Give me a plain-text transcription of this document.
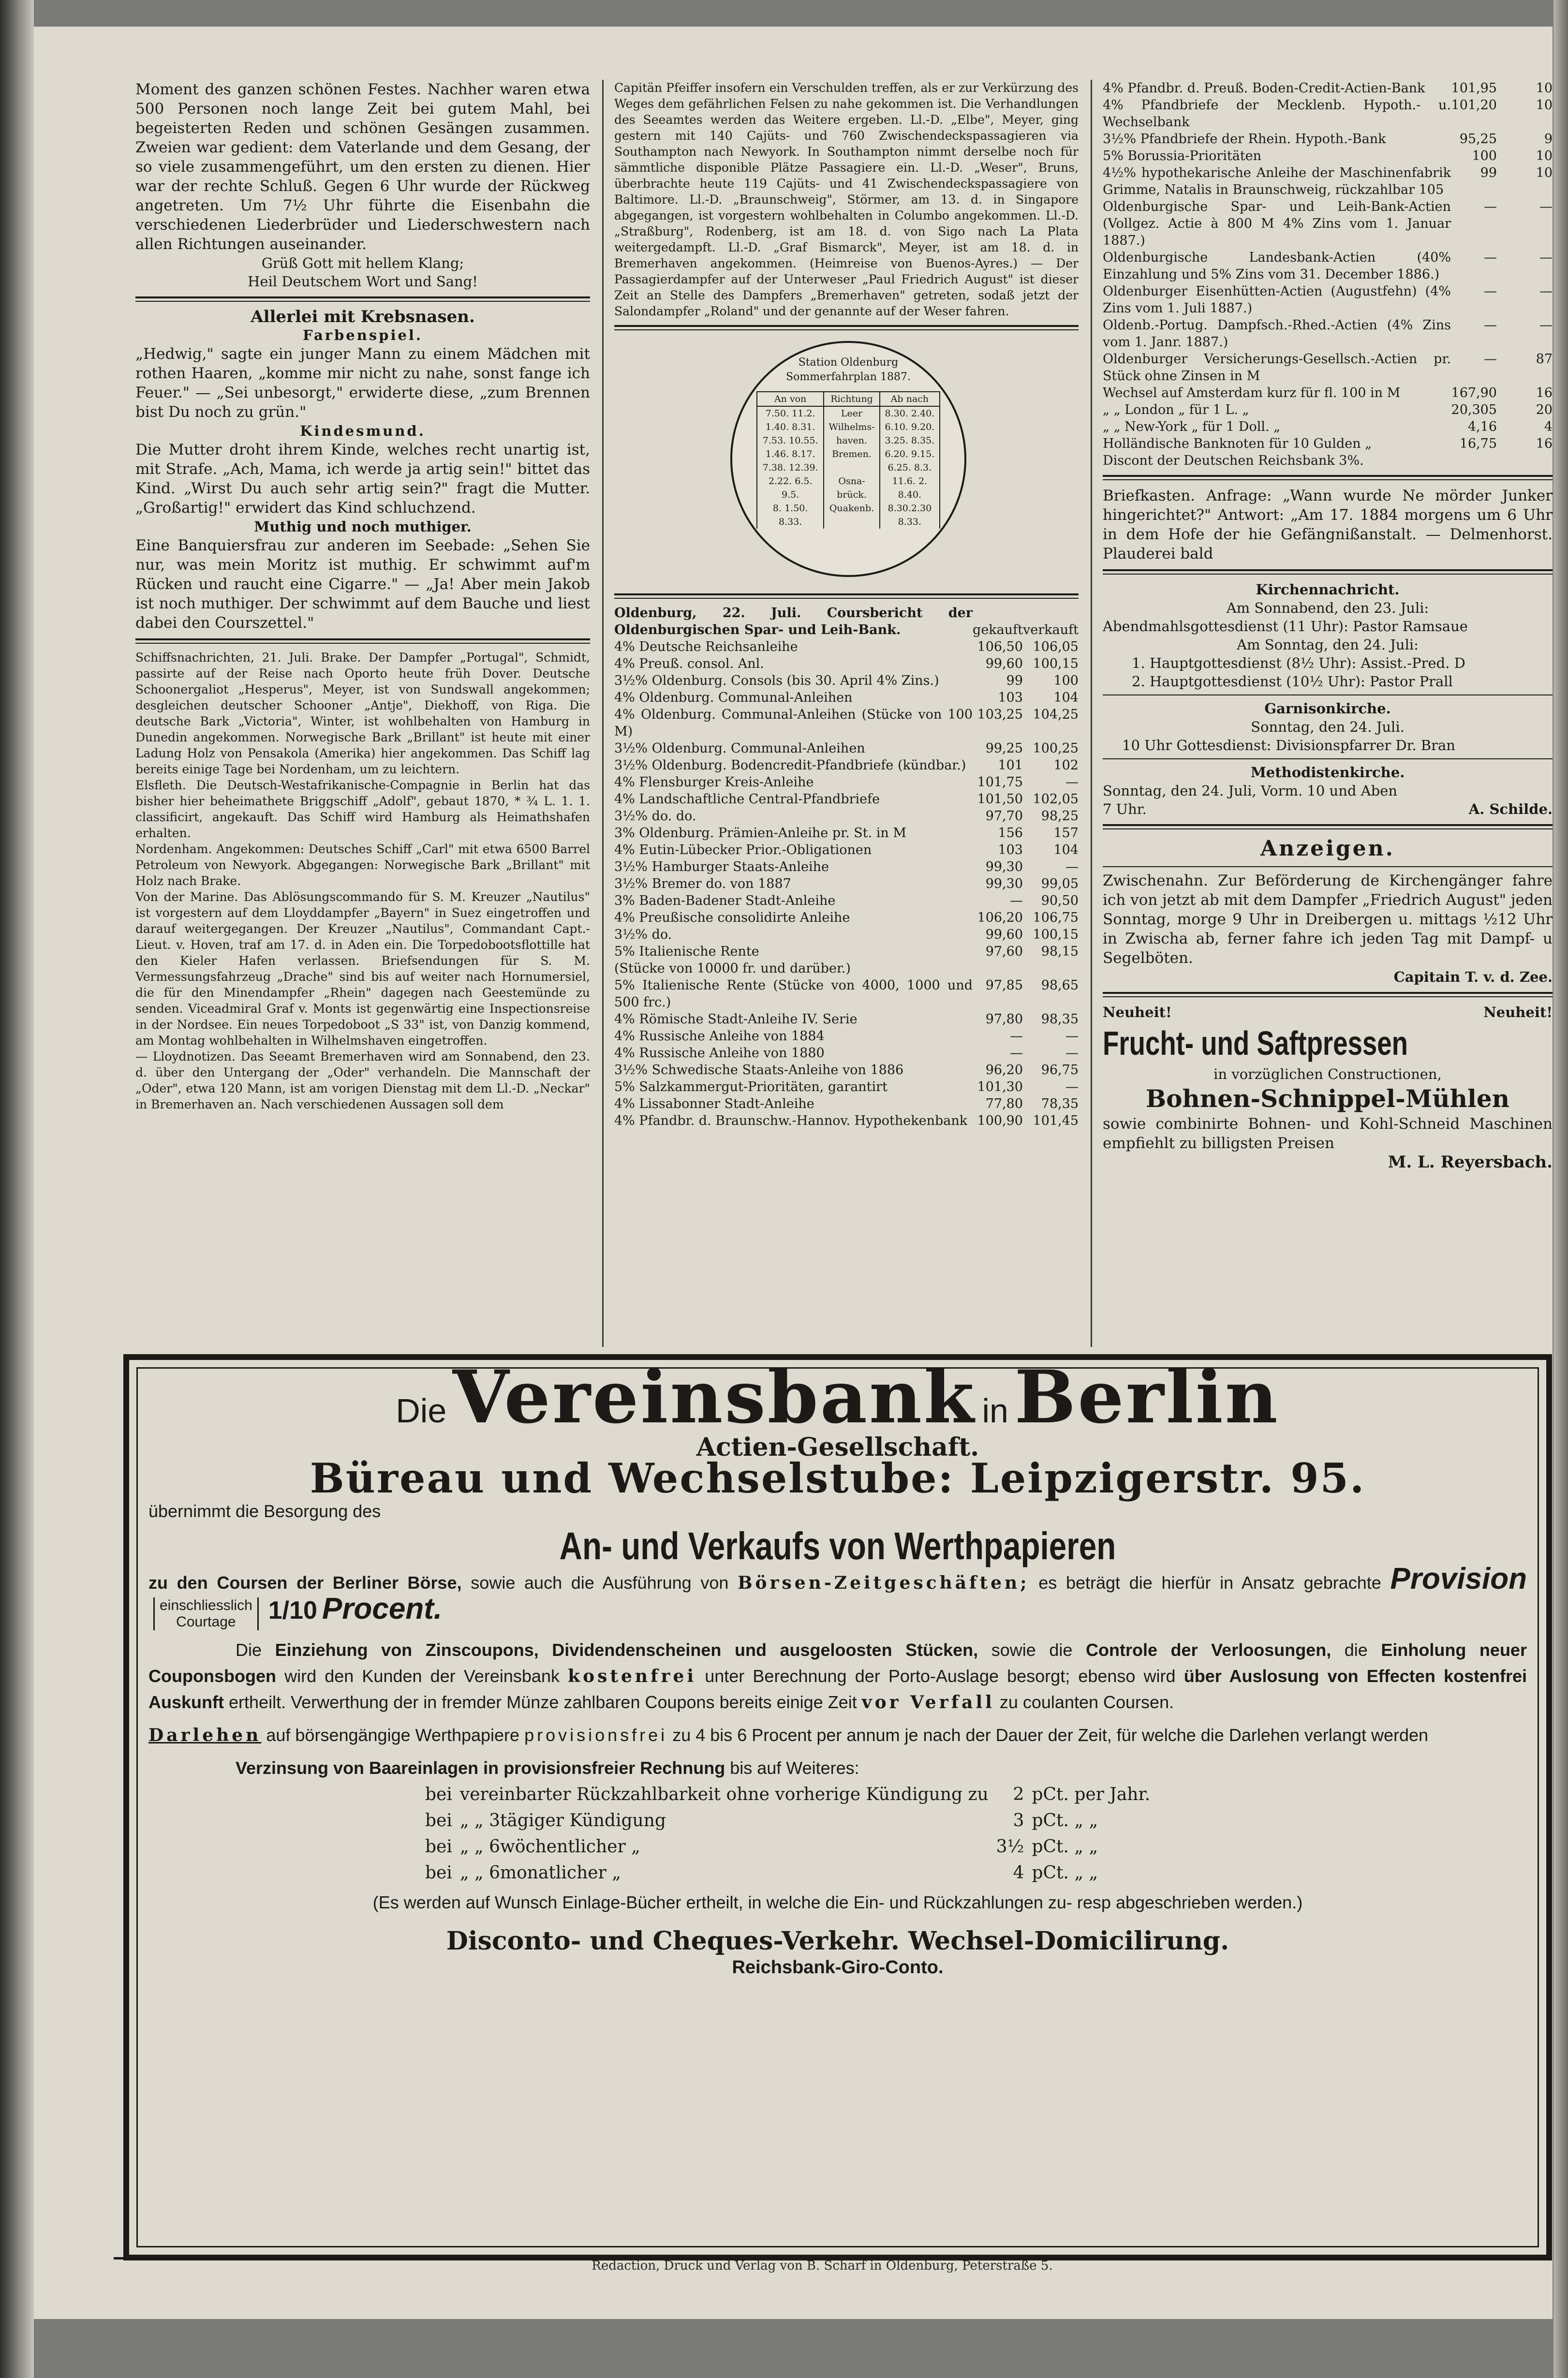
Moment des ganzen schönen Festes. Nachher waren etwa 500 Personen noch lange Zeit bei gutem Mahl, bei begeisterten Reden und schönen Gesängen zusammen. Zweien war gedient: dem Vaterlande und dem Gesang, der so viele zusammengeführt, um den ersten zu dienen. Hier war der rechte Schluß. Gegen 6 Uhr wurde der Rückweg angetreten. Um 7½ Uhr führte die Eisenbahn die verschiedenen Liederbrüder und Liederschwestern nach allen Richtungen auseinander.

Grüß Gott mit hellem Klang;

Heil Deutschem Wort und Sang!

Allerlei mit Krebsnasen.

Farbenspiel.

„Hedwig," sagte ein junger Mann zu einem Mädchen mit rothen Haaren, „komme mir nicht zu nahe, sonst fange ich Feuer." — „Sei unbesorgt," erwiderte diese, „zum Brennen bist Du noch zu grün."

Kindesmund.

Die Mutter droht ihrem Kinde, welches recht unartig ist, mit Strafe. „Ach, Mama, ich werde ja artig sein!" bittet das Kind. „Wirst Du auch sehr artig sein?" fragt die Mutter. „Großartig!" erwidert das Kind schluchzend.

Muthig und noch muthiger.

Eine Banquiersfrau zur anderen im Seebade: „Sehen Sie nur, was mein Moritz ist muthig. Er schwimmt auf'm Rücken und raucht eine Cigarre." — „Ja! Aber mein Jakob ist noch muthiger. Der schwimmt auf dem Bauche und liest dabei den Courszettel."

Schiffsnachrichten, 21. Juli. Brake. Der Dampfer „Portugal", Schmidt, passirte auf der Reise nach Oporto heute früh Dover. Deutsche Schoonergaliot „Hesperus", Meyer, ist von Sundswall angekommen; desgleichen deutscher Schooner „Antje", Diekhoff, von Riga. Die deutsche Bark „Victoria", Winter, ist wohlbehalten von Hamburg in Dunedin angekommen. Norwegische Bark „Brillant" ist heute mit einer Ladung Holz von Pensakola (Amerika) hier angekommen. Das Schiff lag bereits einige Tage bei Nordenham, um zu leichtern.

Elsfleth. Die Deutsch-Westafrikanische-Compagnie in Berlin hat das bisher hier beheimathete Briggschiff „Adolf", gebaut 1870, * ¾ L. 1. 1. classificirt, angekauft. Das Schiff wird Hamburg als Heimathshafen erhalten.

Nordenham. Angekommen: Deutsches Schiff „Carl" mit etwa 6500 Barrel Petroleum von Newyork. Abgegangen: Norwegische Bark „Brillant" mit Holz nach Brake.

Von der Marine. Das Ablösungscommando für S. M. Kreuzer „Nautilus" ist vorgestern auf dem Lloyddampfer „Bayern" in Suez eingetroffen und darauf weitergegangen. Der Kreuzer „Nautilus", Commandant Capt.-Lieut. v. Hoven, traf am 17. d. in Aden ein. Die Torpedobootsflottille hat den Kieler Hafen verlassen. Briefsendungen für S. M. Vermessungsfahrzeug „Drache" sind bis auf weiter nach Hornumersiel, die für den Minendampfer „Rhein" dagegen nach Geestemünde zu senden. Viceadmiral Graf v. Monts ist gegenwärtig eine Inspectionsreise in der Nordsee. Ein neues Torpedoboot „S 33" ist, von Danzig kommend, am Montag wohlbehalten in Wilhelmshaven eingetroffen.

— Lloydnotizen. Das Seeamt Bremerhaven wird am Sonnabend, den 23. d. über den Untergang der „Oder" verhandeln. Die Mannschaft der „Oder", etwa 120 Mann, ist am vorigen Dienstag mit dem Ll.-D. „Neckar" in Bremerhaven an. Nach verschiedenen Aussagen soll dem

Capitän Pfeiffer insofern ein Verschulden treffen, als er zur Verkürzung des Weges dem gefährlichen Felsen zu nahe gekommen ist. Die Verhandlungen des Seeamtes werden das Weitere ergeben. Ll.-D. „Elbe", Meyer, ging gestern mit 140 Cajüts- und 760 Zwischendeckspassagieren via Southampton nach Newyork. In Southampton nimmt derselbe noch für sämmtliche disponible Plätze Passagiere ein. Ll.-D. „Weser", Bruns, überbrachte heute 119 Cajüts- und 41 Zwischendeckspassagiere von Baltimore. Ll.-D. „Braunschweig", Störmer, am 13. d. in Singapore abgegangen, ist vorgestern wohlbehalten in Columbo angekommen. Ll.-D. „Straßburg", Rodenberg, ist am 18. d. von Sigo nach La Plata weitergedampft. Ll.-D. „Graf Bismarck", Meyer, ist am 18. d. in Bremerhaven angekommen. (Heimreise von Buenos-Ayres.) — Der Passagierdampfer auf der Unterweser „Paul Friedrich August" ist dieser Zeit an Stelle des Dampfers „Bremerhaven" getreten, sodaß jetzt der Salondampfer „Roland" und der genannte auf der Weser fahren.

Station Oldenburg
Sommerfahrplan 1887.
An von	Richtung	Ab nach
7.50. 11.2.	Leer	8.30. 2.40.
1.40. 8.31.	Wilhelms-	6.10. 9.20.
7.53. 10.55.	haven.	3.25. 8.35.
1.46. 8.17.	Bremen.	6.20. 9.15.
7.38. 12.39.		6.25. 8.3.
2.22. 6.5.	Osna-	11.6. 2.
9.5.	brück.	8.40.
8. 1.50.	Quakenb.	8.30.2.30
8.33.		8.33.
Oldenburg, 22. Juli. Coursbericht der Oldenburgischen Spar- und Leih-Bank.	gekauft	verkauft
4% Deutsche Reichsanleihe	106,50	106,05
4% Preuß. consol. Anl.	99,60	100,15
3½% Oldenburg. Consols (bis 30. April 4% Zins.)	99	100
4% Oldenburg. Communal-Anleihen	103	104
4% Oldenburg. Communal-Anleihen (Stücke von 100 M)	103,25	104,25
3½% Oldenburg. Communal-Anleihen	99,25	100,25
3½% Oldenburg. Bodencredit-Pfandbriefe (kündbar.)	101	102
4% Flensburger Kreis-Anleihe	101,75	—
4% Landschaftliche Central-Pfandbriefe	101,50	102,05
3½% do. do.	97,70	98,25
3% Oldenburg. Prämien-Anleihe pr. St. in M	156	157
4% Eutin-Lübecker Prior.-Obligationen	103	104
3½% Hamburger Staats-Anleihe	99,30	—
3½% Bremer do. von 1887	99,30	99,05
3% Baden-Badener Stadt-Anleihe	—	90,50
4% Preußische consolidirte Anleihe	106,20	106,75
3½% do.	99,60	100,15
5% Italienische Rente	97,60	98,15
(Stücke von 10000 fr. und darüber.)		
5% Italienische Rente (Stücke von 4000, 1000 und 500 frc.)	97,85	98,65
4% Römische Stadt-Anleihe IV. Serie	97,80	98,35
4% Russische Anleihe von 1884	—	—
4% Russische Anleihe von 1880	—	—
3½% Schwedische Staats-Anleihe von 1886	96,20	96,75
5% Salzkammergut-Prioritäten, garantirt	101,30	—
4% Lissabonner Stadt-Anleihe	77,80	78,35
4% Pfandbr. d. Braunschw.-Hannov. Hypothekenbank	100,90	101,45
4% Pfandbr. d. Preuß. Boden-Credit-Actien-Bank	101,95	10
4% Pfandbriefe der Mecklenb. Hypoth.- u. Wechselbank	101,20	10
3½% Pfandbriefe der Rhein. Hypoth.-Bank	95,25	9
5% Borussia-Prioritäten	100	10
4½% hypothekarische Anleihe der Maschinenfabrik Grimme, Natalis in Braunschweig, rückzahlbar 105	99	10
Oldenburgische Spar- und Leih-Bank-Actien (Vollgez. Actie à 800 M 4% Zins vom 1. Januar 1887.)	—	—
Oldenburgische Landesbank-Actien (40% Einzahlung und 5% Zins vom 31. December 1886.)	—	—
Oldenburger Eisenhütten-Actien (Augustfehn) (4% Zins vom 1. Juli 1887.)	—	—
Oldenb.-Portug. Dampfsch.-Rhed.-Actien (4% Zins vom 1. Janr. 1887.)	—	—
Oldenburger Versicherungs-Gesellsch.-Actien pr. Stück ohne Zinsen in M	—	87
Wechsel auf Amsterdam kurz für fl. 100 in M	167,90	16
„ „ London „ für 1 L. „	20,305	20
„ „ New-York „ für 1 Doll. „	4,16	4
Holländische Banknoten für 10 Gulden „	16,75	16
Discont der Deutschen Reichsbank 3%.		

Briefkasten. Anfrage: „Wann wurde Ne mörder Junker hingerichtet?" Antwort: „Am 17. 1884 morgens um 6 Uhr in dem Hofe der hie Gefängnißanstalt. — Delmenhorst. Plauderei bald

Kirchennachricht.

Am Sonnabend, den 23. Juli:

Abendmahlsgottesdienst (11 Uhr): Pastor Ramsaue

Am Sonntag, den 24. Juli:

1. Hauptgottesdienst (8½ Uhr): Assist.-Pred. D

2. Hauptgottesdienst (10½ Uhr): Pastor Prall

Garnisonkirche.

Sonntag, den 24. Juli.

10 Uhr Gottesdienst: Divisionspfarrer Dr. Bran

Methodistenkirche.

Sonntag, den 24. Juli, Vorm. 10 und Aben

7 Uhr.	A. Schilde.

Anzeigen.

Zwischenahn. Zur Beförderung de Kirchengänger fahre ich von jetzt ab mit dem Dampfer „Friedrich August" jeden Sonntag, morge 9 Uhr in Dreibergen u. mittags ½12 Uhr in Zwischa ab, ferner fahre ich jeden Tag mit Dampf- u Segelböten.

Capitain T. v. d. Zee.

Neuheit!	Neuheit!

Frucht- und Saftpressen

in vorzüglichen Constructionen,

Bohnen-Schnippel-Mühlen

sowie combinirte Bohnen- und Kohl-Schneid Maschinen empfiehlt zu billigsten Preisen

M. L. Reyersbach.

Die Vereinsbank in Berlin
Actien-Gesellschaft.
Büreau und Wechselstube: Leipzigerstr. 95.
übernimmt die Besorgung des
An- und Verkaufs von Werthpapieren
zu den Coursen der Berliner Börse, sowie auch die Ausführung von Börsen-Zeitgeschäften; es beträgt die hierfür in Ansatz gebrachte Provision
einschliesslich
Courtage	1/10 Procent.
Die Einziehung von Zinscoupons, Dividendenscheinen und ausgeloosten Stücken, sowie die Controle der Verloosungen, die Einholung neuer Couponsbogen wird den Kunden der Vereinsbank kostenfrei unter Berechnung der Porto-Auslage besorgt; ebenso wird über Auslosung von Effecten kostenfrei Auskunft ertheilt. Verwerthung der in fremder Münze zahlbaren Coupons bereits einige Zeit vor Verfall zu coulanten Coursen.
Darlehen auf börsengängige Werthpapiere provisionsfrei zu 4 bis 6 Procent per annum je nach der Dauer der Zeit, für welche die Darlehen verlangt werden
Verzinsung von Baareinlagen in provisionsfreier Rechnung bis auf Weiteres:
bei	vereinbarter Rückzahlbarkeit ohne vorherige Kündigung zu	2	pCt. per Jahr.
bei	„ „ 3tägiger Kündigung	3	pCt. „ „
bei	„ „ 6wöchentlicher „	3½	pCt. „ „
bei	„ „ 6monatlicher „	4	pCt. „ „
(Es werden auf Wunsch Einlage-Bücher ertheilt, in welche die Ein- und Rückzahlungen zu- resp abgeschrieben werden.)
Disconto- und Cheques-Verkehr. Wechsel-Domicilirung.
Reichsbank-Giro-Conto.
Redaction, Druck und Verlag von B. Scharf in Oldenburg, Peterstraße 5.
